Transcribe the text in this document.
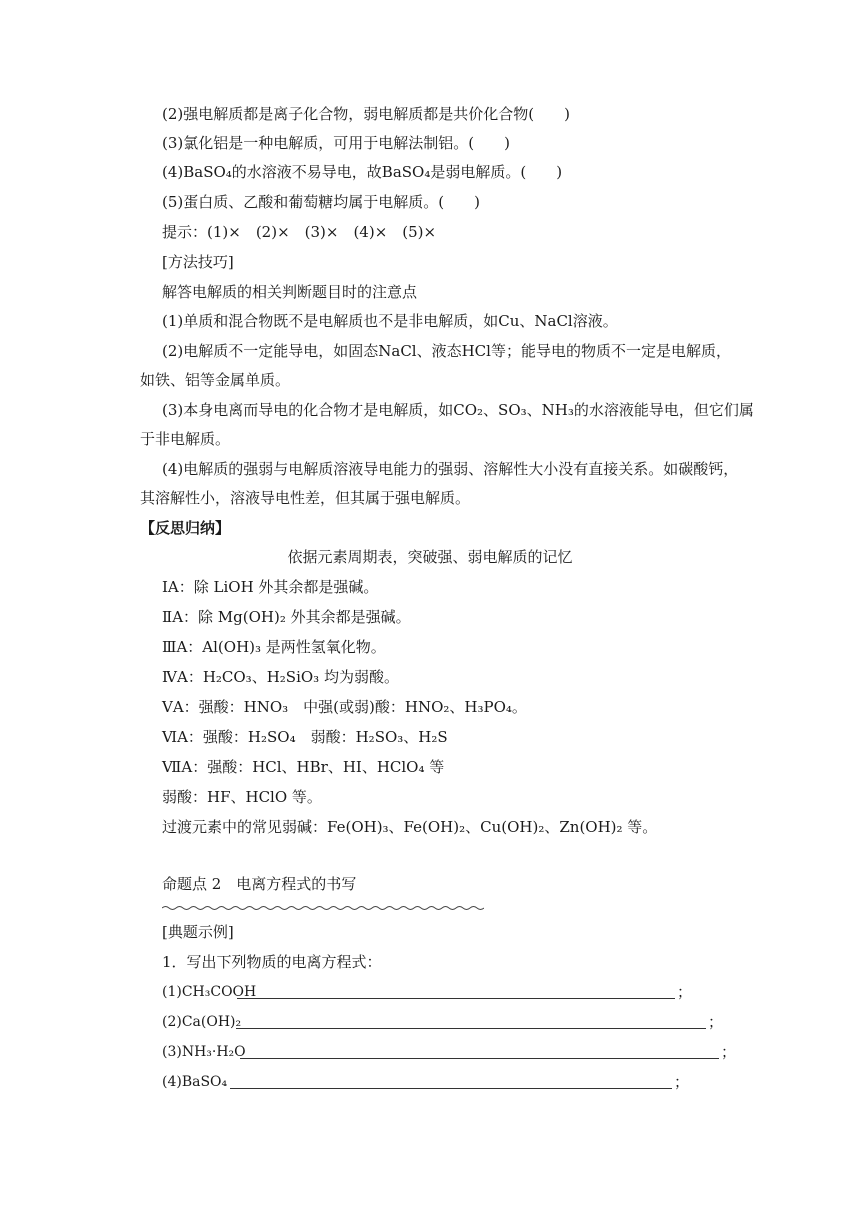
(2)强电解质都是离子化合物，弱电解质都是共价化合物(　　)
(3)氯化铝是一种电解质，可用于电解法制铝。(　　)
(4)BaSO₄的水溶液不易导电，故BaSO₄是弱电解质。(　　)
(5)蛋白质、乙酸和葡萄糖均属于电解质。(　　)
提示：(1)×　(2)×　(3)×　(4)×　(5)×
[方法技巧]
解答电解质的相关判断题目时的注意点
(1)单质和混合物既不是电解质也不是非电解质，如Cu、NaCl溶液。
(2)电解质不一定能导电，如固态NaCl、液态HCl等；能导电的物质不一定是电解质，
如铁、铝等金属单质。
(3)本身电离而导电的化合物才是电解质，如CO₂、SO₃、NH₃的水溶液能导电，但它们属
于非电解质。
(4)电解质的强弱与电解质溶液导电能力的强弱、溶解性大小没有直接关系。如碳酸钙，
其溶解性小，溶液导电性差，但其属于强电解质。
【反思归纳】
依据元素周期表，突破强、弱电解质的记忆
ⅠA：除 LiOH 外其余都是强碱。
ⅡA：除 Mg(OH)₂ 外其余都是强碱。
ⅢA：Al(OH)₃ 是两性氢氧化物。
ⅣA：H₂CO₃、H₂SiO₃ 均为弱酸。
ⅤA：强酸：HNO₃　中强(或弱)酸：HNO₂、H₃PO₄。
ⅥA：强酸：H₂SO₄　弱酸：H₂SO₃、H₂S
ⅦA：强酸：HCl、HBr、HI、HClO₄ 等
弱酸：HF、HClO 等。
过渡元素中的常见弱碱：Fe(OH)₃、Fe(OH)₂、Cu(OH)₂、Zn(OH)₂ 等。
命题点 2　电离方程式的书写
[典题示例]
1．写出下列物质的电离方程式：
(1)CH₃COOH	；
(2)Ca(OH)₂	；
(3)NH₃·H₂O	；
(4)BaSO₄	；
